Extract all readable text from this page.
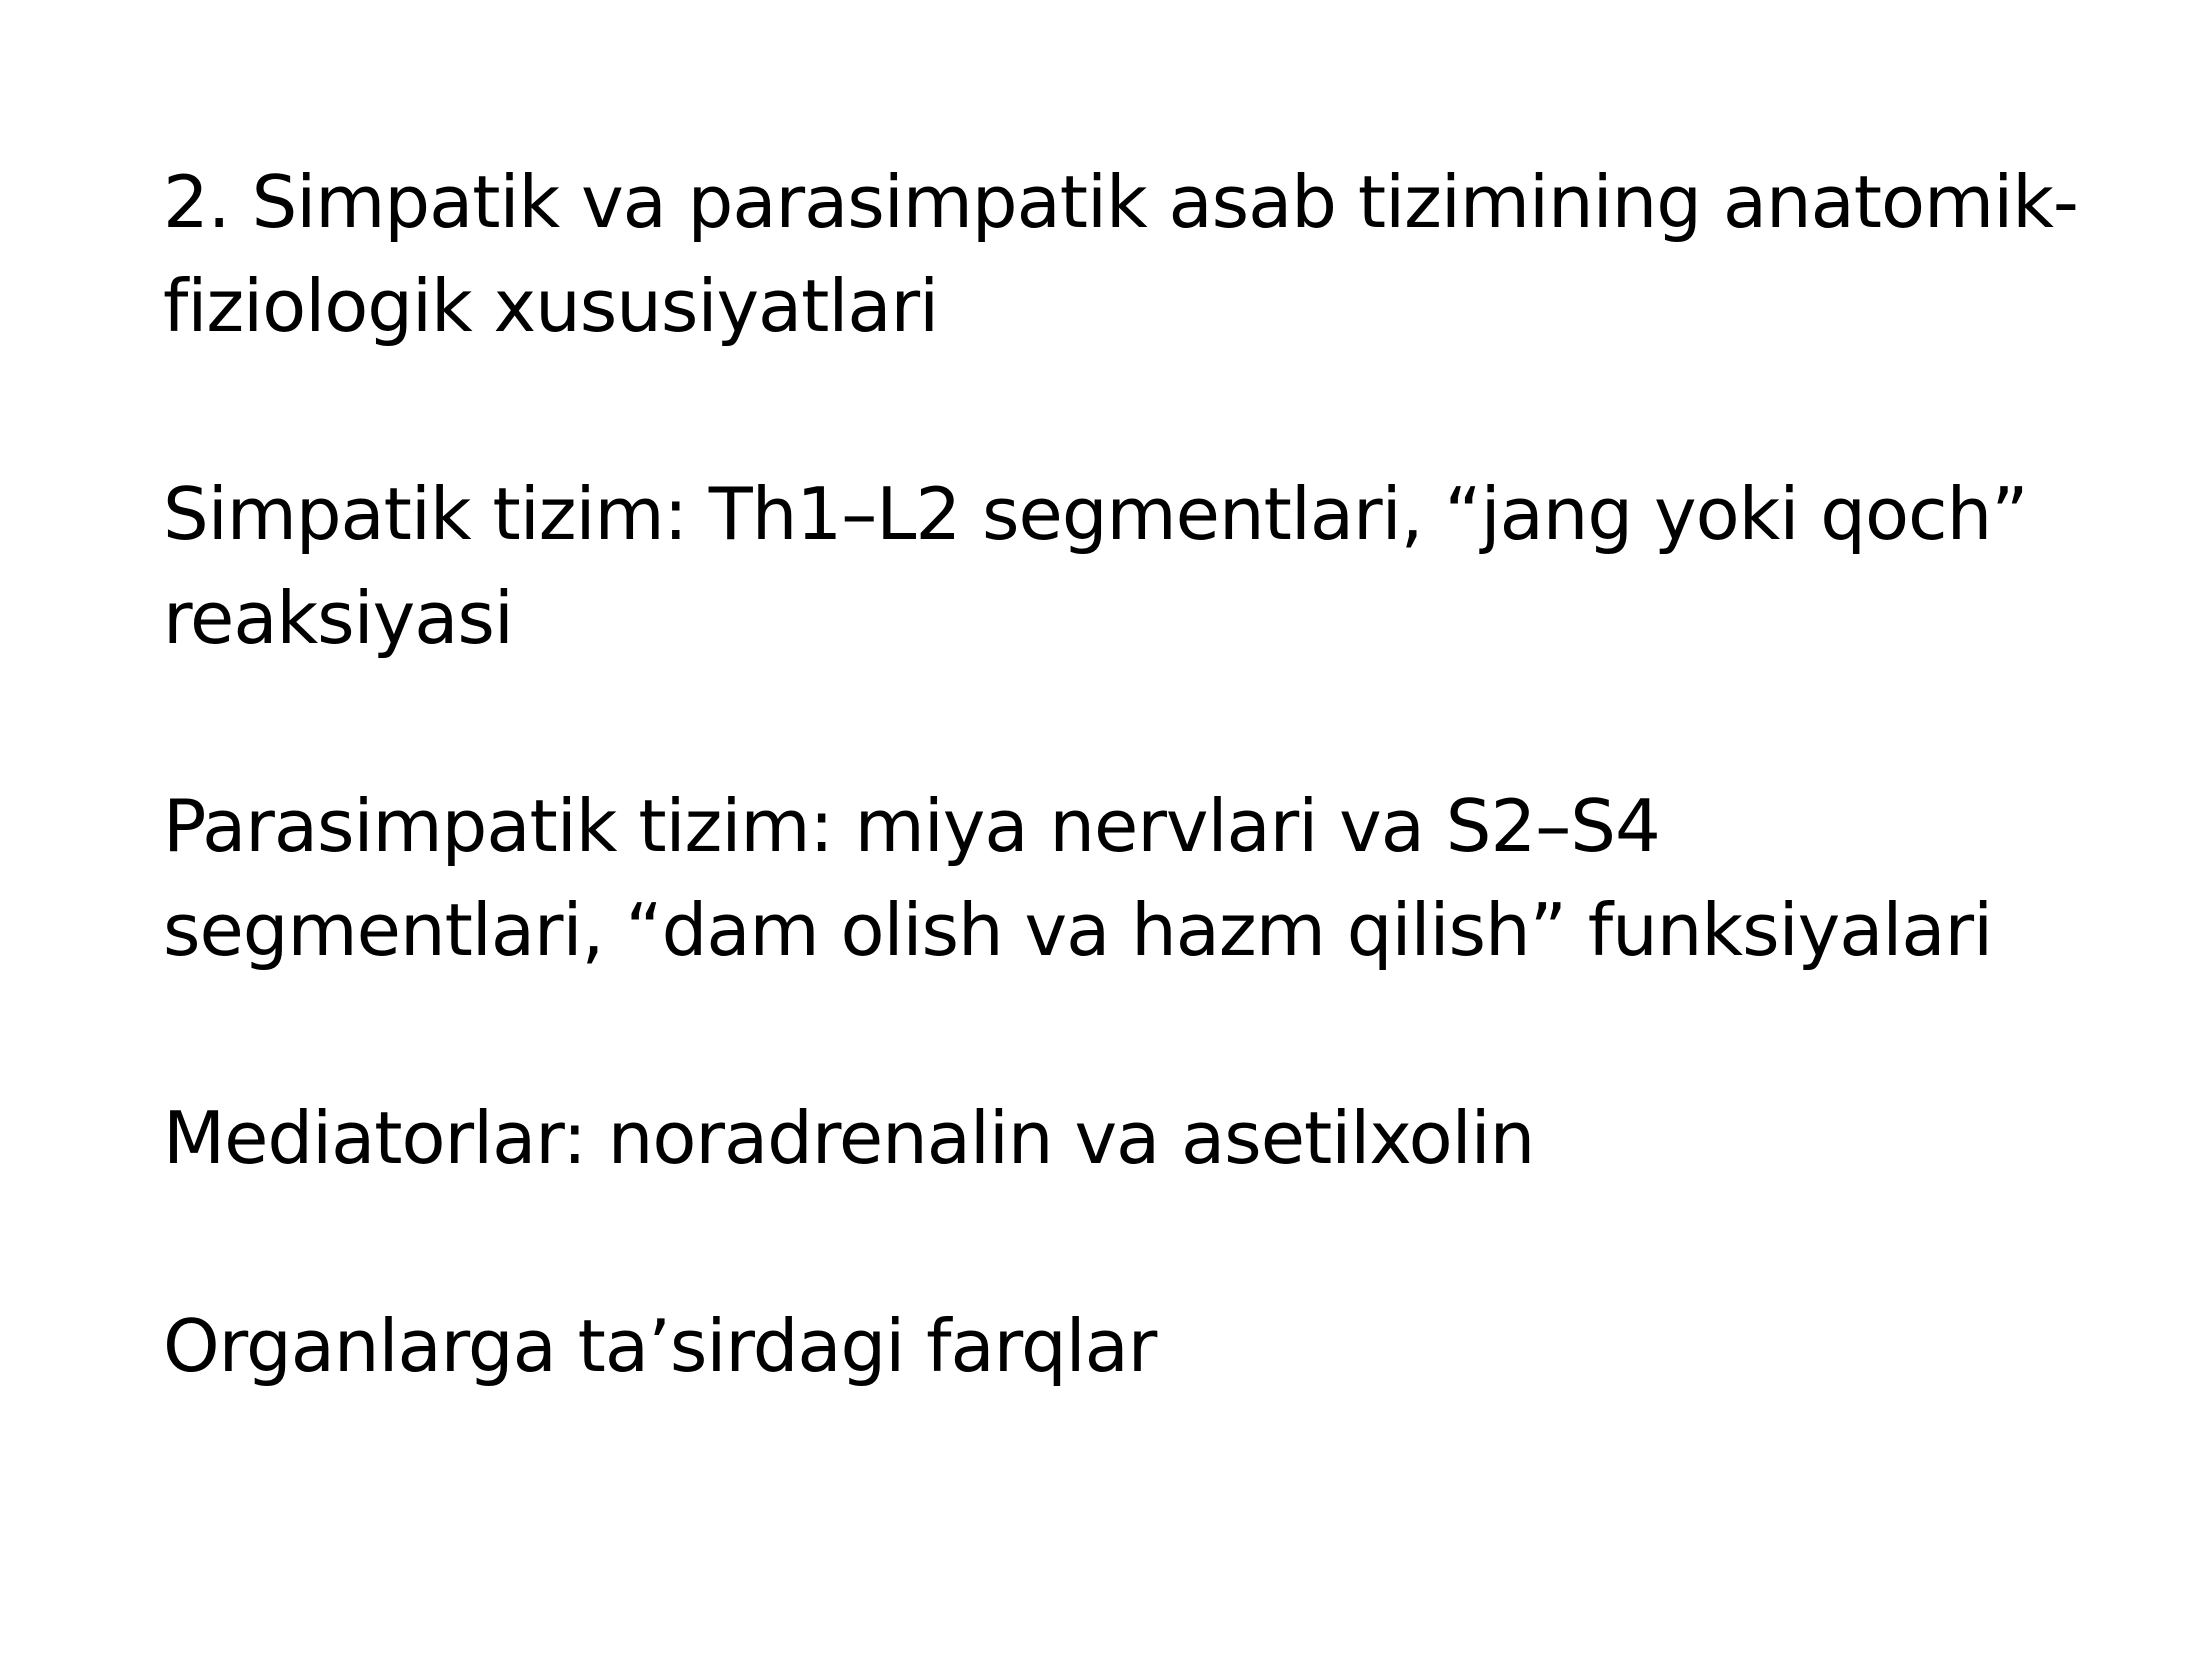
2. Simpatik va parasimpatik asab tizimining anatomik-
fiziologik xususiyatlari

Simpatik tizim: Th1–L2 segmentlari, “jang yoki qoch”
reaksiyasi

Parasimpatik tizim: miya nervlari va S2–S4
segmentlari, “dam olish va hazm qilish” funksiyalari

Mediatorlar: noradrenalin va asetilxolin

Organlarga ta’sirdagi farqlar
